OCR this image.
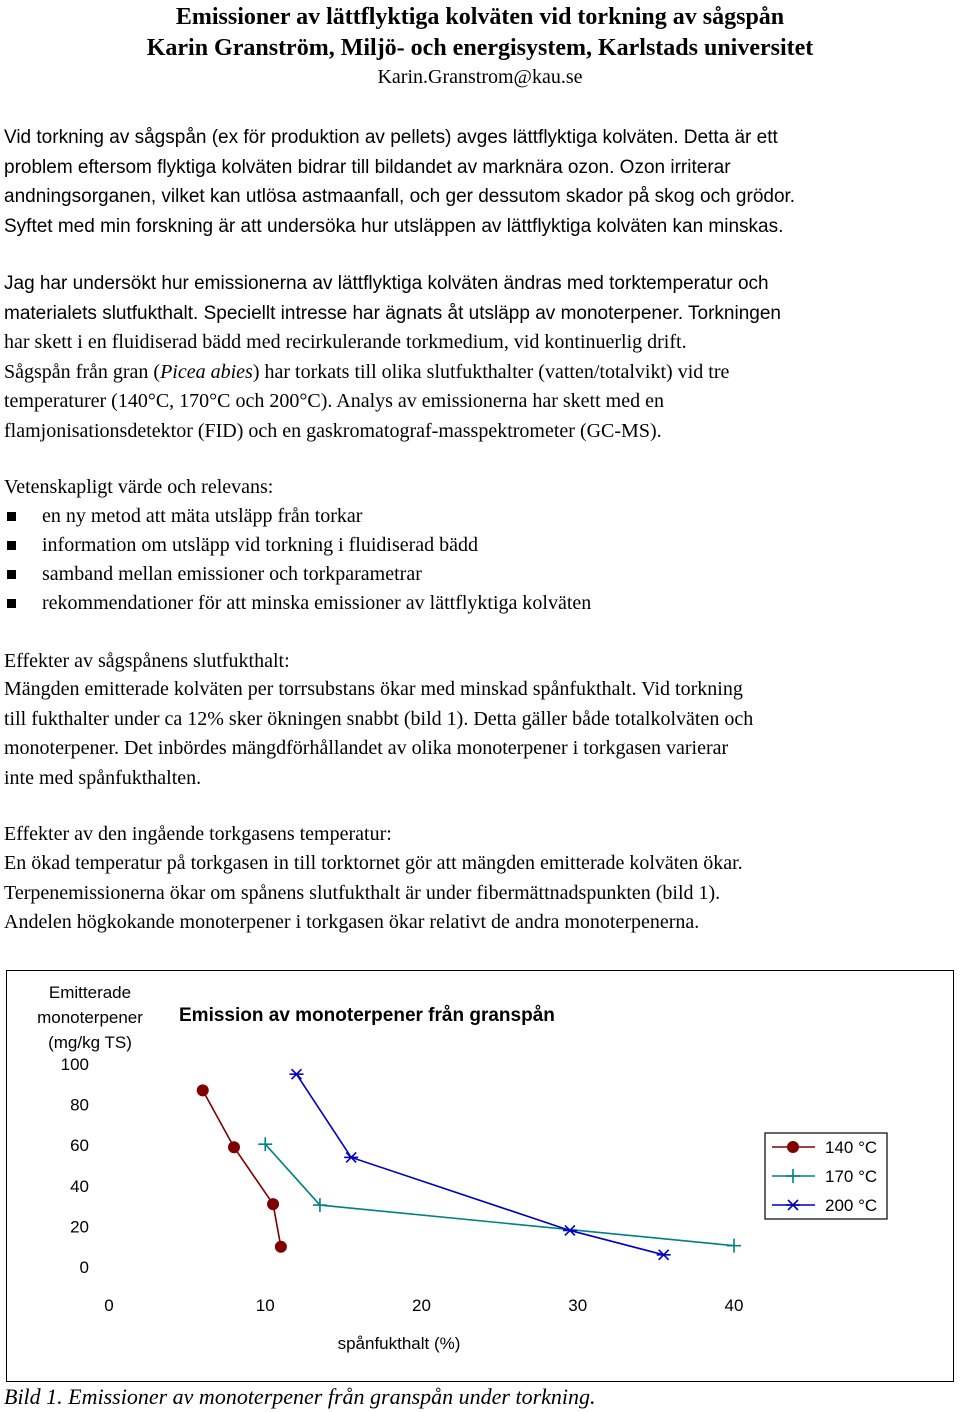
Emissioner av lättflyktiga kolväten vid torkning av sågspån
Karin Granström, Miljö- och energisystem, Karlstads universitet
Karin.Granstrom@kau.se
Vid torkning av sågspån (ex för produktion av pellets) avges lättflyktiga kolväten. Detta är ett
problem eftersom flyktiga kolväten bidrar till bildandet av marknära ozon. Ozon irriterar
andningsorganen, vilket kan utlösa astmaanfall, och ger dessutom skador på skog och grödor.
Syftet med min forskning är att undersöka hur utsläppen av lättflyktiga kolväten kan minskas.
Jag har undersökt hur emissionerna av lättflyktiga kolväten ändras med torktemperatur och
materialets slutfukthalt. Speciellt intresse har ägnats åt utsläpp av monoterpener. Torkningen
har skett i en fluidiserad bädd med recirkulerande torkmedium, vid kontinuerlig drift.
Sågspån från gran (Picea abies) har torkats till olika slutfukthalter (vatten/totalvikt) vid tre
temperaturer (140°C, 170°C och 200°C). Analys av emissionerna har skett med en
flamjonisationsdetektor (FID) och en gaskromatograf-masspektrometer (GC-MS).
Vetenskapligt värde och relevans:
en ny metod att mäta utsläpp från torkar
information om utsläpp vid torkning i fluidiserad bädd
samband mellan emissioner och torkparametrar
rekommendationer för att minska emissioner av lättflyktiga kolväten
Effekter av sågspånens slutfukthalt:
Mängden emitterade kolväten per torrsubstans ökar med minskad spånfukthalt. Vid torkning
till fukthalter under ca 12% sker ökningen snabbt (bild 1). Detta gäller både totalkolväten och
monoterpener. Det inbördes mängdförhållandet av olika monoterpener i torkgasen varierar
inte med spånfukthalten.
Effekter av den ingående torkgasens temperatur:
En ökad temperatur på torkgasen in till torktornet gör att mängden emitterade kolväten ökar.
Terpenemissionerna ökar om spånens slutfukthalt är under fibermättnadspunkten (bild 1).
Andelen högkokande monoterpener i torkgasen ökar relativt de andra monoterpenerna.
Emission av monoterpener från granspån
Emitterade
monoterpener
(mg/kg TS)
0
20
40
60
80
100
0	10	20	30	40
spånfukthalt (%)
140 °C
170 °C
200 °C
Bild 1. Emissioner av monoterpener från granspån under torkning.
